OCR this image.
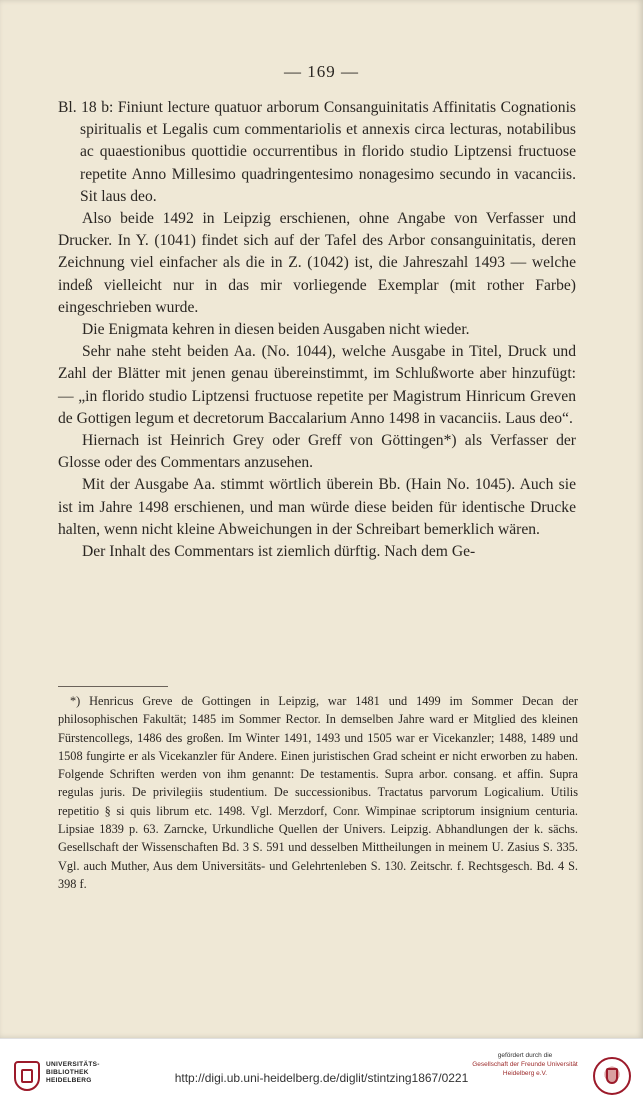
— 169 —

Bl. 18 b: Finiunt lecture quatuor arborum Consanguinitatis Affinitatis Cognationis spiritualis et Legalis cum commentariolis et annexis circa lecturas, notabilibus ac quaestionibus quottidie occurrentibus in florido studio Liptzensi fructuose repetite Anno Millesimo quadringentesimo nonagesimo secundo in vacanciis. Sit laus deo.

Also beide 1492 in Leipzig erschienen, ohne Angabe von Verfasser und Drucker. In Y. (1041) findet sich auf der Tafel des Arbor consanguinitatis, deren Zeichnung viel einfacher als die in Z. (1042) ist, die Jahreszahl 1493 — welche indeß vielleicht nur in das mir vorliegende Exemplar (mit rother Farbe) eingeschrieben wurde.

Die Enigmata kehren in diesen beiden Ausgaben nicht wieder.

Sehr nahe steht beiden Aa. (No. 1044), welche Ausgabe in Titel, Druck und Zahl der Blätter mit jenen genau übereinstimmt, im Schlußworte aber hinzufügt: — „in florido studio Liptzensi fructuose repetite per Magistrum Hinricum Greven de Gottigen legum et decretorum Baccalarium Anno 1498 in vacanciis. Laus deo“.

Hiernach ist Heinrich Grey oder Greff von Göttingen*) als Verfasser der Glosse oder des Commentars anzusehen.

Mit der Ausgabe Aa. stimmt wörtlich überein Bb. (Hain No. 1045). Auch sie ist im Jahre 1498 erschienen, und man würde diese beiden für identische Drucke halten, wenn nicht kleine Abweichungen in der Schreibart bemerklich wären.

Der Inhalt des Commentars ist ziemlich dürftig. Nach dem Ge-

*) Henricus Greve de Gottingen in Leipzig, war 1481 und 1499 im Sommer Decan der philosophischen Fakultät; 1485 im Sommer Rector. In demselben Jahre ward er Mitglied des kleinen Fürstencollegs, 1486 des großen. Im Winter 1491, 1493 und 1505 war er Vicekanzler; 1488, 1489 und 1508 fungirte er als Vicekanzler für Andere. Einen juristischen Grad scheint er nicht erworben zu haben. Folgende Schriften werden von ihm genannt: De testamentis. Supra arbor. consang. et affin. Supra regulas juris. De privilegiis studentium. De successionibus. Tractatus parvorum Logicalium. Utilis repetitio § si quis librum etc. 1498. Vgl. Merzdorf, Conr. Wimpinae scriptorum insignium centuria. Lipsiae 1839 p. 63. Zarncke, Urkundliche Quellen der Univers. Leipzig. Abhandlungen der k. sächs. Gesellschaft der Wissenschaften Bd. 3 S. 591 und desselben Mittheilungen in meinem U. Zasius S. 335. Vgl. auch Muther, Aus dem Universitäts- und Gelehrtenleben S. 130. Zeitschr. f. Rechtsgesch. Bd. 4 S. 398 f.

UNIVERSITÄTS- BIBLIOTHEK HEIDELBERG	http://digi.ub.uni-heidelberg.de/diglit/stintzing1867/0221
gefördert durch die
Gesellschaft der Freunde Universität Heidelberg e.V.
